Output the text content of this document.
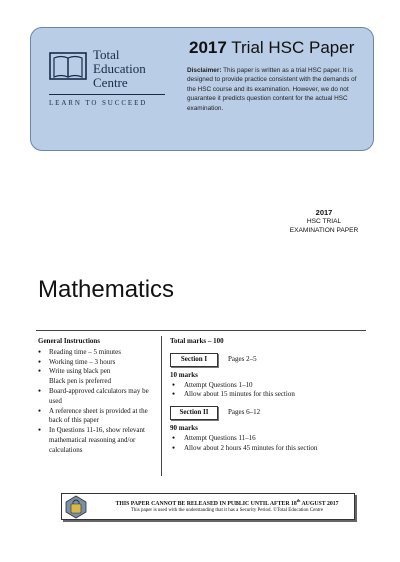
Total
Education
Centre
LEARN TO SUCCEED
2017 Trial HSC Paper
Disclaimer: This paper is written as a trial HSC paper. It is designed to provide practice consistent with the demands of the HSC course and its examination. However, we do not guarantee it predicts question content for the actual HSC examination.
2017
HSC TRIAL
EXAMINATION PAPER
Mathematics
General Instructions
● Reading time – 5 minutes
● Working time – 3 hours
● Write using black pen
Black pen is preferred
● Board-approved calculators may be used
● A reference sheet is provided at the back of this paper
● In Questions 11-16, show relevant mathematical reasoning and/or calculations
Total marks – 100
Section I	Pages 2–5
10 marks
● Attempt Questions 1–10
● Allow about 15 minutes for this section
Section II	Pages 6–12
90 marks
● Attempt Questions 11–16
● Allow about 2 hours 45 minutes for this section
THIS PAPER CANNOT BE RELEASED IN PUBLIC UNTIL AFTER 18th AUGUST 2017
This paper is used with the understanding that it has a Security Period. ©Total Education Centre
